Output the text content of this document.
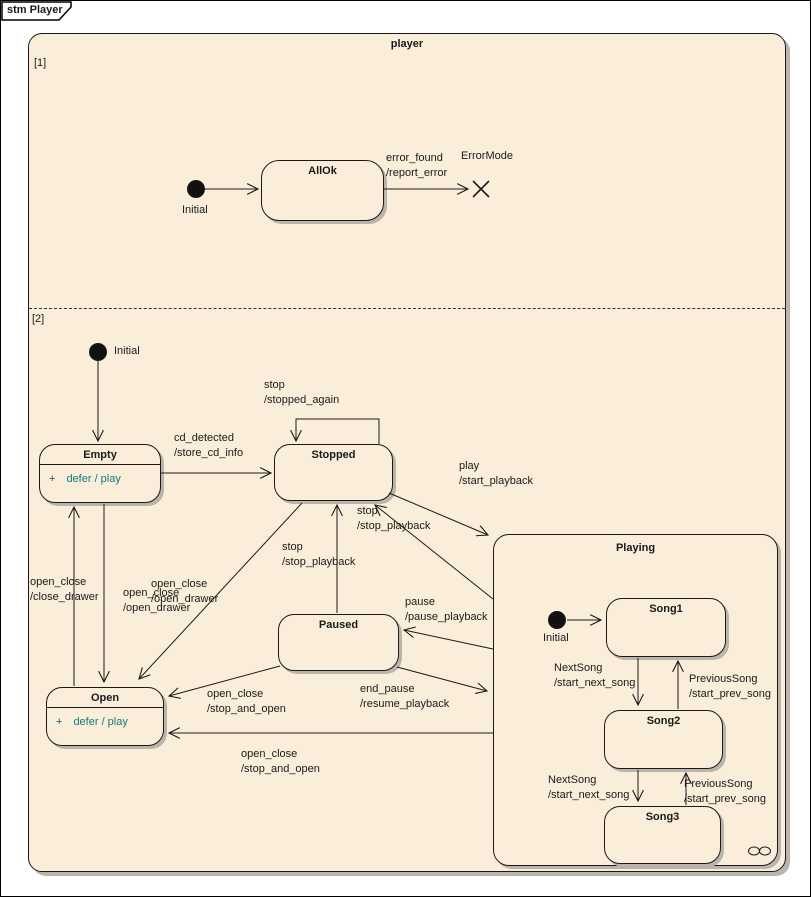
player
[1]
[2]
AllOk
Empty
+ defer / play
Stopped
Paused
Open
+ defer / play
Playing
Song1
Song2
Song3
stm Player
Initial
ErrorMode
Initial
Initial
error_found
/report_error
cd_detected
/store_cd_info
stop
/stopped_again
play
/start_playback
stop
/stop_playback
stop
/stop_playback
pause
/pause_playback
end_pause
/resume_playback
open_close
/stop_and_open
open_close
/stop_and_open
open_close
/close_drawer
open_close
/open_drawer
open_close
/open_drawer
NextSong
/start_next_song	PreviousSong
/start_prev_song
NextSong
/start_next_song
PreviousSong
/start_prev_song
